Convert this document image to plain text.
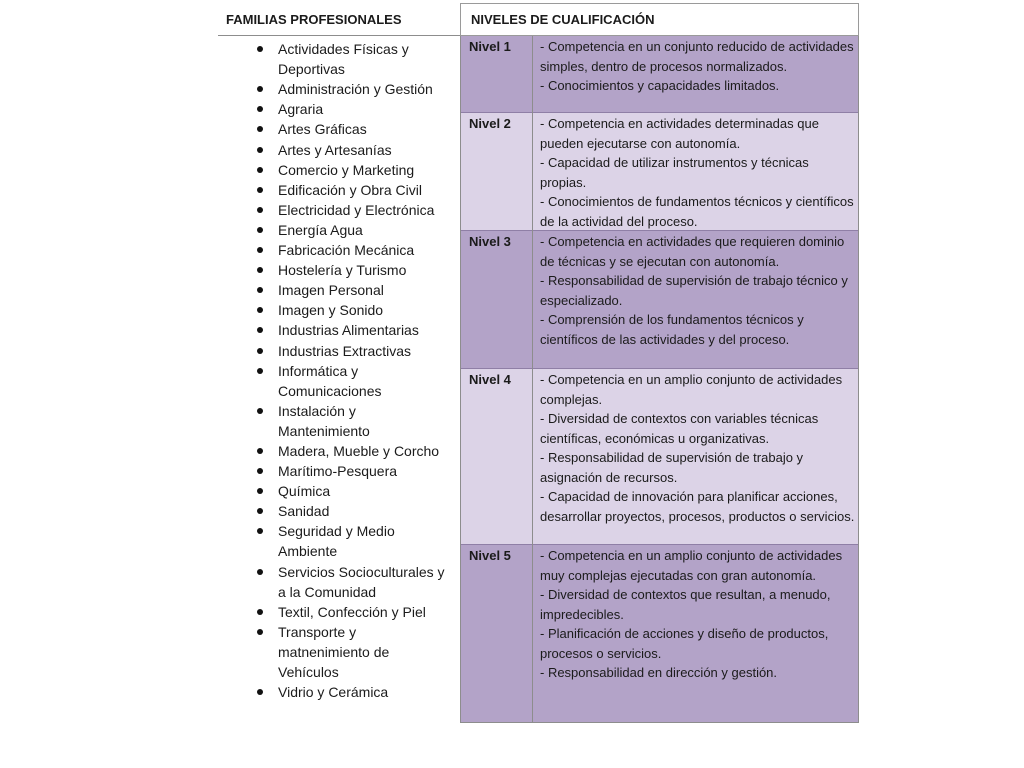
FAMILIAS PROFESIONALES
Actividades Físicas y
Deportivas
Administración y Gestión
Agraria
Artes Gráficas
Artes y Artesanías
Comercio y Marketing
Edificación y Obra Civil
Electricidad y Electrónica
Energía Agua
Fabricación Mecánica
Hostelería y Turismo
Imagen Personal
Imagen y Sonido
Industrias Alimentarias
Industrias Extractivas
Informática y
Comunicaciones
Instalación y
Mantenimiento
Madera, Mueble y Corcho
Marítimo-Pesquera
Química
Sanidad
Seguridad y Medio
Ambiente
Servicios Socioculturales y
a la Comunidad
Textil, Confección y Piel
Transporte y
matnenimiento de
Vehículos
Vidrio y Cerámica
NIVELES DE CUALIFICACIÓN
Nivel 1	- Competencia en un conjunto reducido de actividades simples, dentro de procesos normalizados.

- Conocimientos y capacidades limitados.

Nivel 2	- Competencia en actividades determinadas que pueden ejecutarse con autonomía.

- Capacidad de utilizar instrumentos y técnicas propias.

- Conocimientos de fundamentos técnicos y científicos de la actividad del proceso.

Nivel 3	- Competencia en actividades que requieren dominio de técnicas y se ejecutan con autonomía.

- Responsabilidad de supervisión de trabajo técnico y especializado.

- Comprensión de los fundamentos técnicos y científicos de las actividades y del proceso.

Nivel 4	- Competencia en un amplio conjunto de actividades complejas.

- Diversidad de contextos con variables técnicas científicas, económicas u organizativas.

- Responsabilidad de supervisión de trabajo y asignación de recursos.

- Capacidad de innovación para planificar acciones, desarrollar proyectos, procesos, productos o servicios.

Nivel 5	- Competencia en un amplio conjunto de actividades muy complejas ejecutadas con gran autonomía.

- Diversidad de contextos que resultan, a menudo, impredecibles.

- Planificación de acciones y diseño de productos, procesos o servicios.

- Responsabilidad en dirección y gestión.
